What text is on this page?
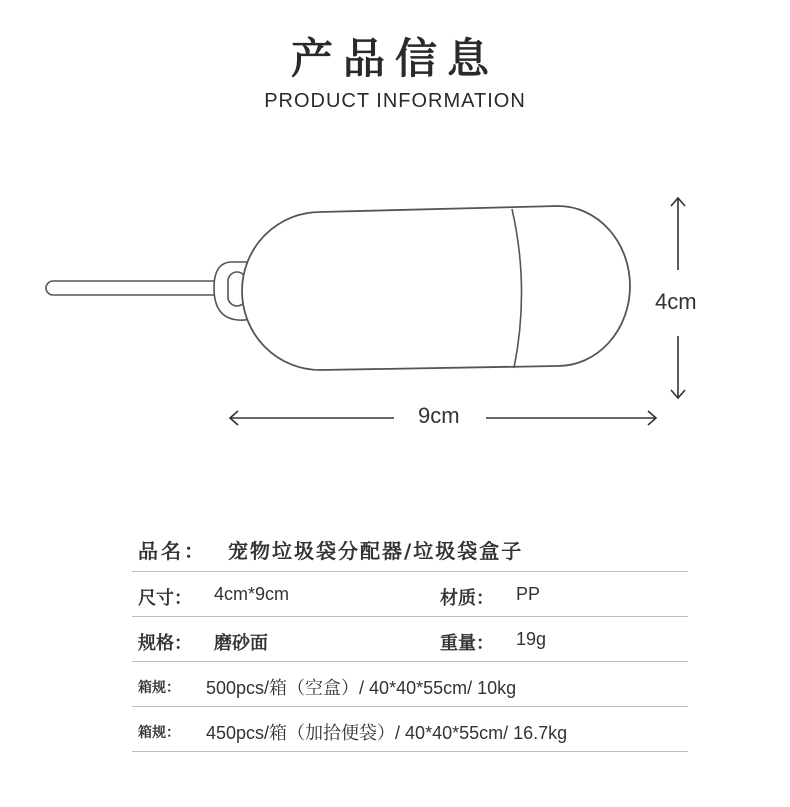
产品信息
PRODUCT INFORMATION
9cm
4cm
品名： 宠物垃圾袋分配器/垃圾袋盒子
尺寸： 4cm*9cm	材质： PP
规格： 磨砂面	重量： 19g
箱规： 500pcs/箱（空盒）/ 40*40*55cm/ 10kg
箱规： 450pcs/箱（加拾便袋）/ 40*40*55cm/ 16.7kg
